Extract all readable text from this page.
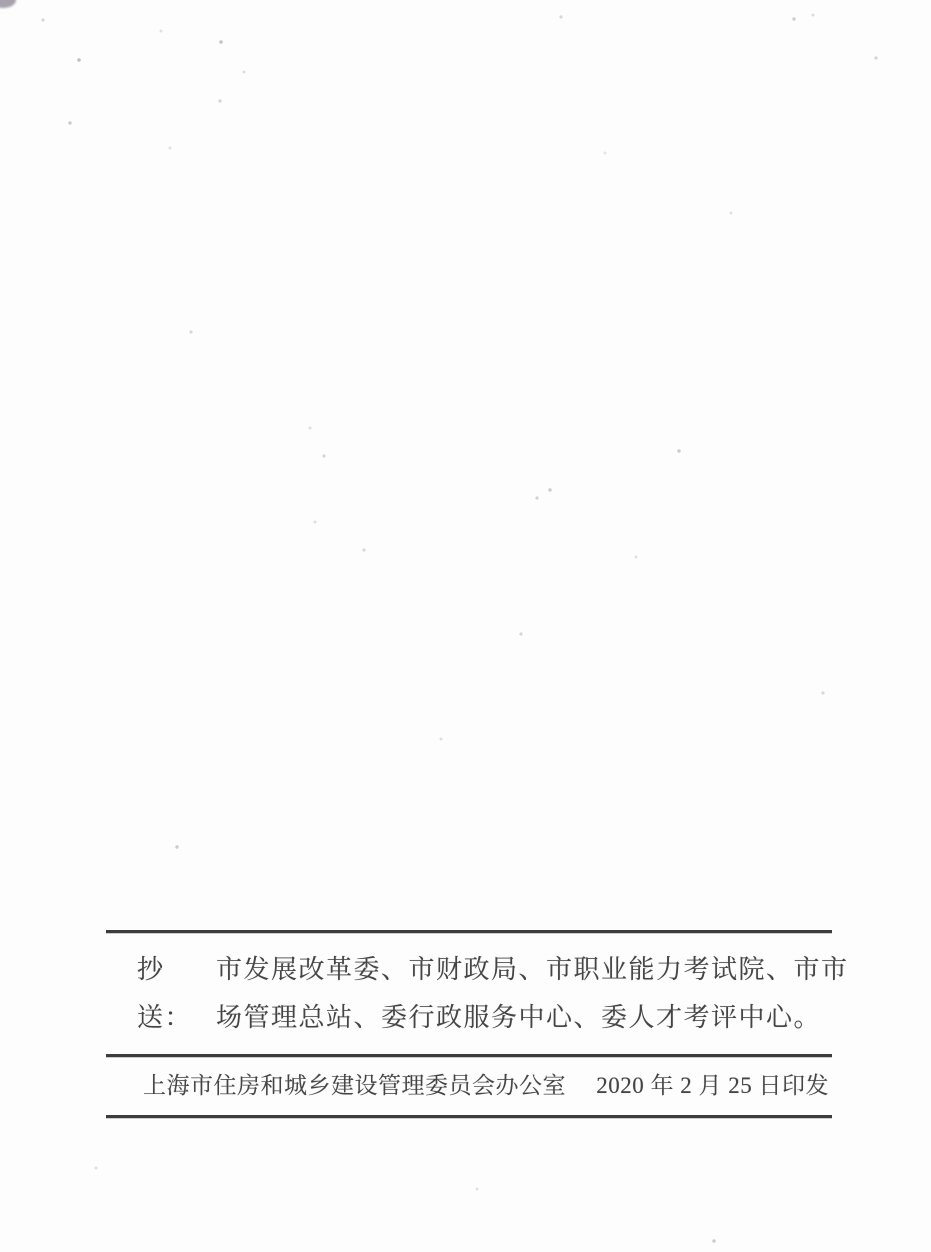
抄送：
市发展改革委、市财政局、市职业能力考试院、市市
场管理总站、委行政服务中心、委人才考评中心。
上海市住房和城乡建设管理委员会办公室 2020 年 2 月 25 日印发
